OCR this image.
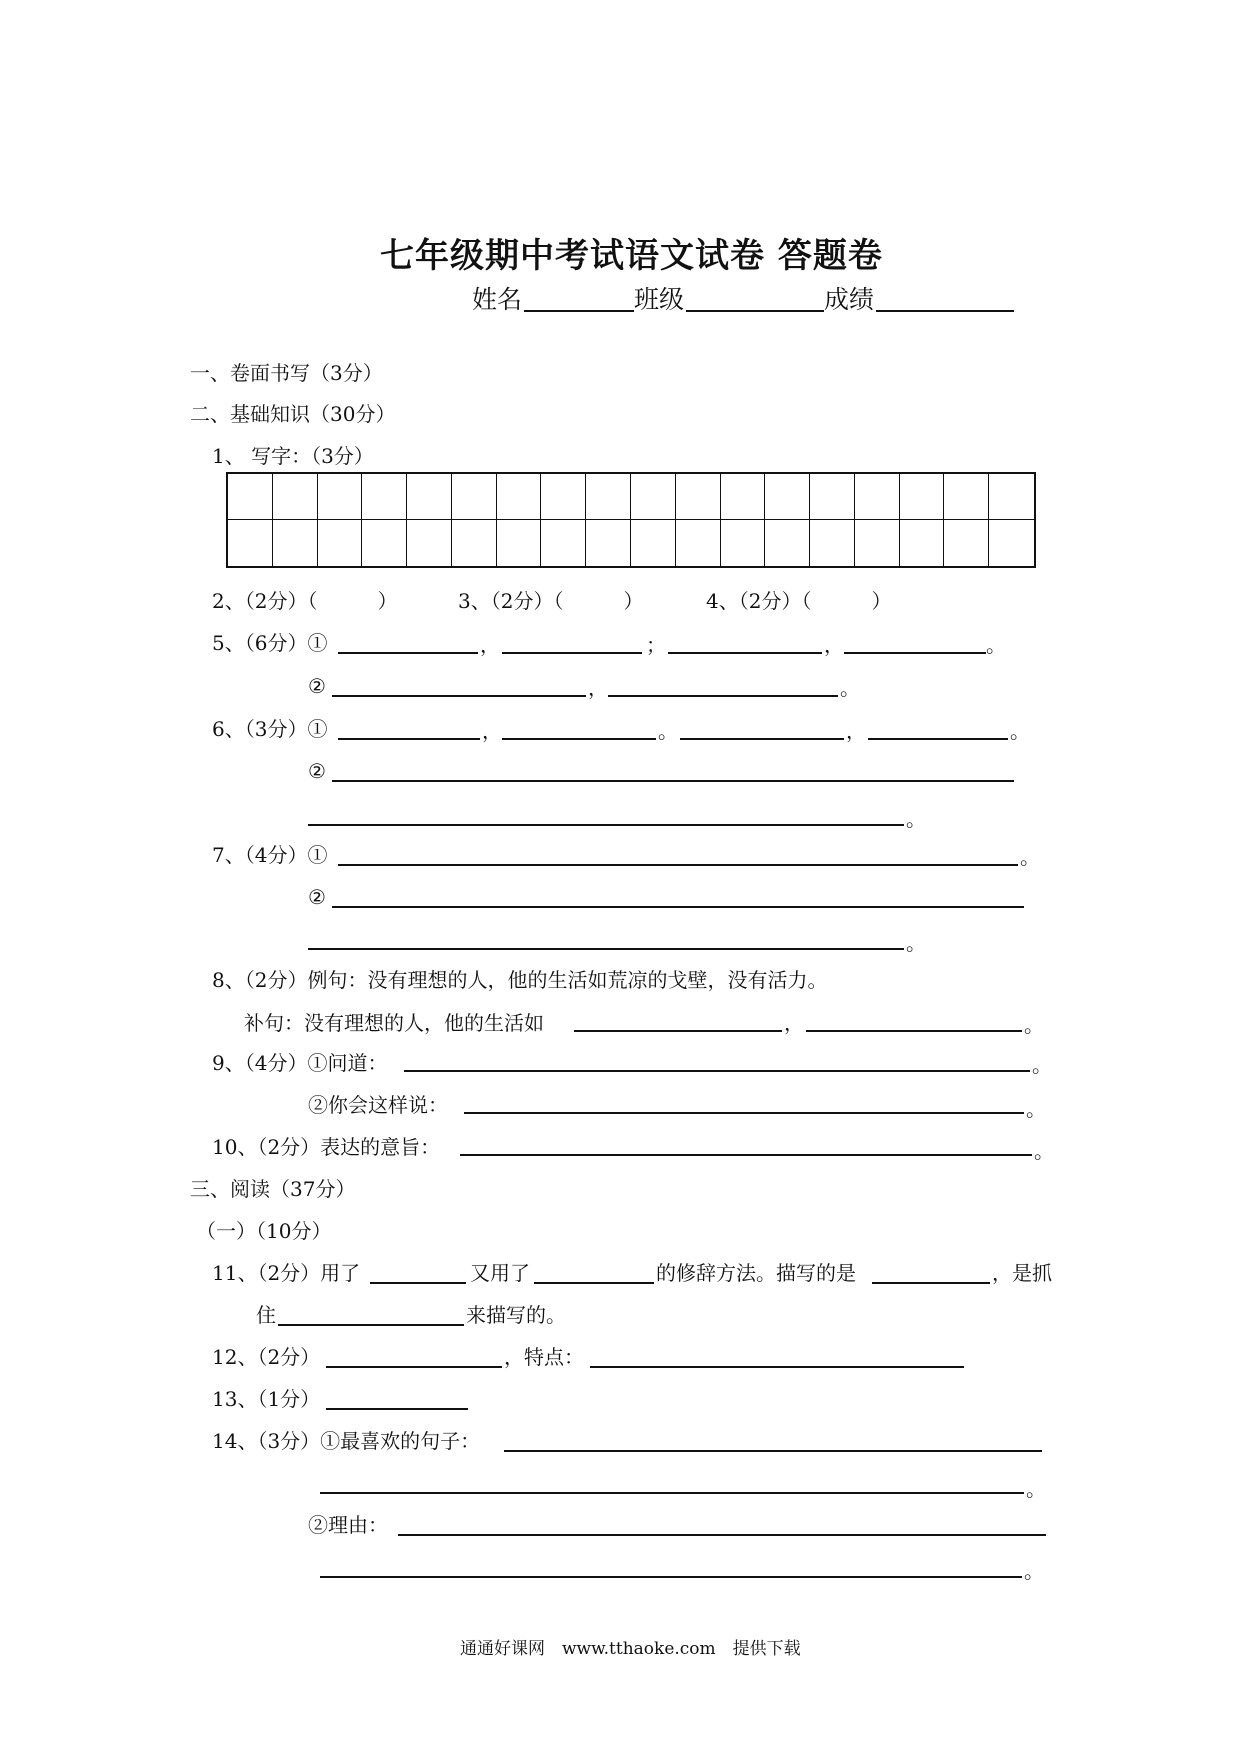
七年级期中考试语文试卷 答题卷
姓名	班级	成绩
一、卷面书写（3分）
二、基础知识（30分）
1、 写字：（3分）
2、（2分）（　　　）	3、（2分）（　　　）	4、（2分）（　　　）
5、（6分）①	，	；	，	。
②	，	。
6、（3分）①	，	。	，	。
②
。
7、（4分）①	。
②
。
8、（2分）例句：没有理想的人，他的生活如荒凉的戈壁，没有活力。
补句：没有理想的人，他的生活如	，	。
9、（4分）①问道：	。
②你会这样说：	。
10、（2分）表达的意旨：	。
三、阅读（37分）
（一）（10分）
11、（2分）用了	又用了	的修辞方法。描写的是	，是抓
住	来描写的。
12、（2分）	，特点：
13、（1分）
14、（3分）①最喜欢的句子：
。
②理由：
。
通通好课网　www.tthaoke.com　提供下载
